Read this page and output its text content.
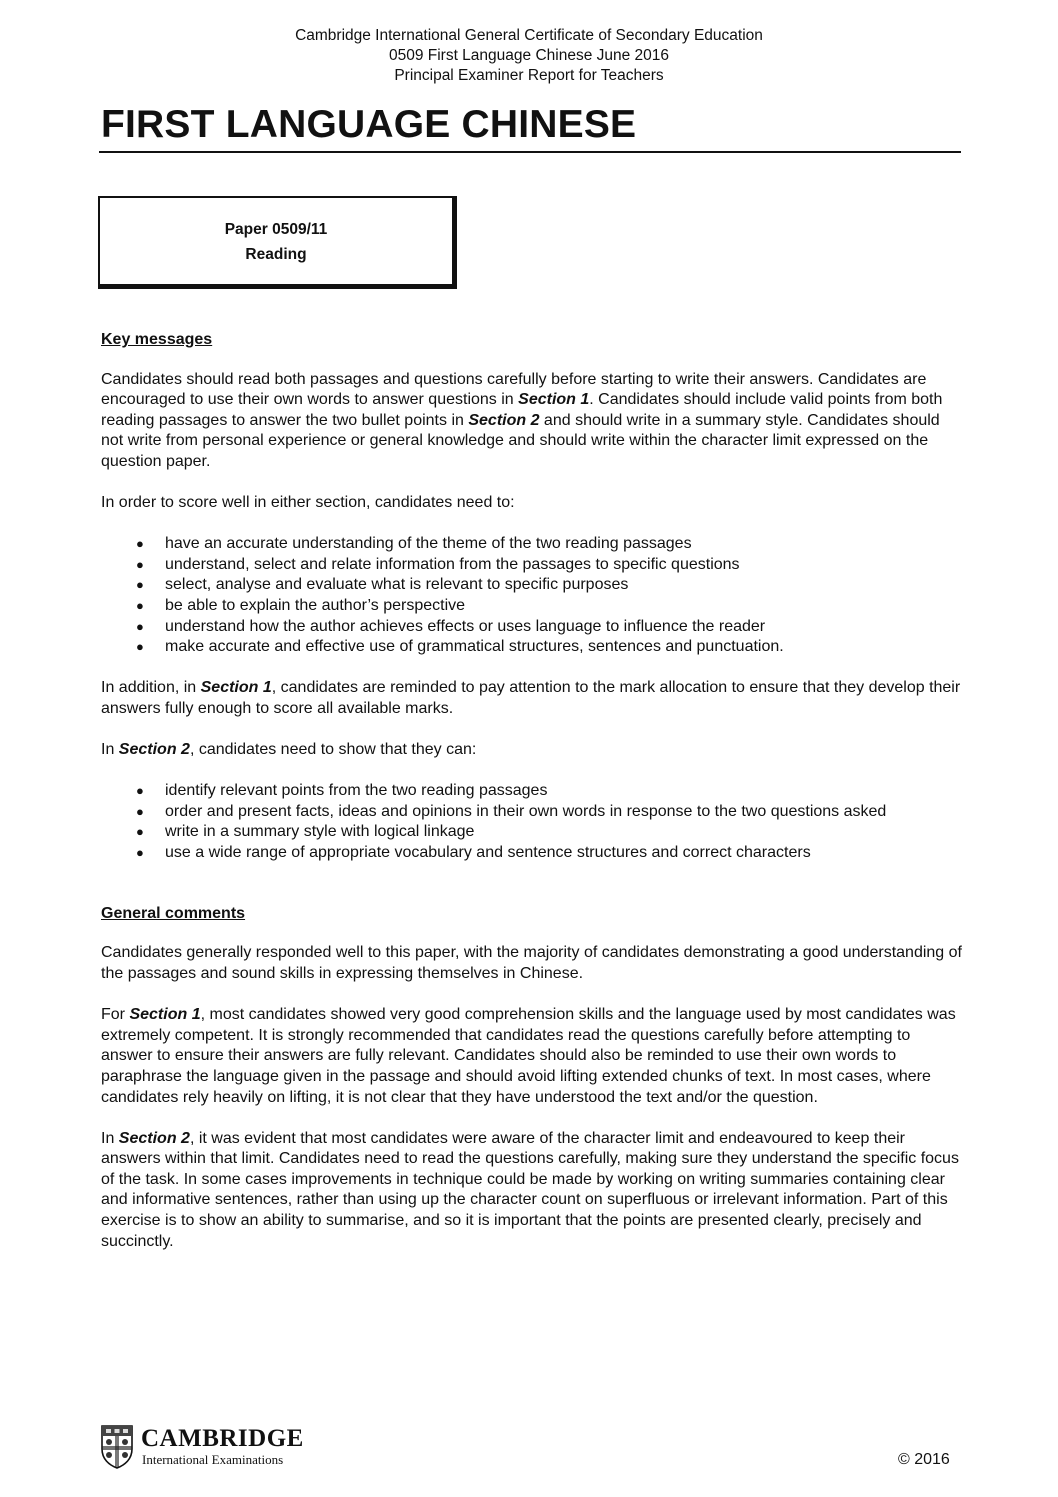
Cambridge International General Certificate of Secondary Education
0509 First Language Chinese June 2016
Principal Examiner Report for Teachers
FIRST LANGUAGE CHINESE
Paper 0509/11
Reading
Key messages

Candidates should read both passages and questions carefully before starting to write their answers. Candidates are encouraged to use their own words to answer questions in Section 1. Candidates should include valid points from both reading passages to answer the two bullet points in Section 2 and should write in a summary style. Candidates should not write from personal experience or general knowledge and should write within the character limit expressed on the question paper.

In order to score well in either section, candidates need to:

● have an accurate understanding of the theme of the two reading passages
● understand, select and relate information from the passages to specific questions
● select, analyse and evaluate what is relevant to specific purposes
● be able to explain the author’s perspective
● understand how the author achieves effects or uses language to influence the reader
● make accurate and effective use of grammatical structures, sentences and punctuation.

In addition, in Section 1, candidates are reminded to pay attention to the mark allocation to ensure that they develop their answers fully enough to score all available marks.

In Section 2, candidates need to show that they can:

● identify relevant points from the two reading passages
● order and present facts, ideas and opinions in their own words in response to the two questions asked
● write in a summary style with logical linkage
● use a wide range of appropriate vocabulary and sentence structures and correct characters
General comments

Candidates generally responded well to this paper, with the majority of candidates demonstrating a good understanding of the passages and sound skills in expressing themselves in Chinese.

For Section 1, most candidates showed very good comprehension skills and the language used by most candidates was extremely competent. It is strongly recommended that candidates read the questions carefully before attempting to answer to ensure their answers are fully relevant. Candidates should also be reminded to use their own words to paraphrase the language given in the passage and should avoid lifting extended chunks of text. In most cases, where candidates rely heavily on lifting, it is not clear that they have understood the text and/or the question.

In Section 2, it was evident that most candidates were aware of the character limit and endeavoured to keep their answers within that limit. Candidates need to read the questions carefully, making sure they understand the specific focus of the task. In some cases improvements in technique could be made by working on writing summaries containing clear and informative sentences, rather than using up the character count on superfluous or irrelevant information. Part of this exercise is to show an ability to summarise, and so it is important that the points are presented clearly, precisely and succinctly.

CAMBRIDGE
International Examinations	© 2016
